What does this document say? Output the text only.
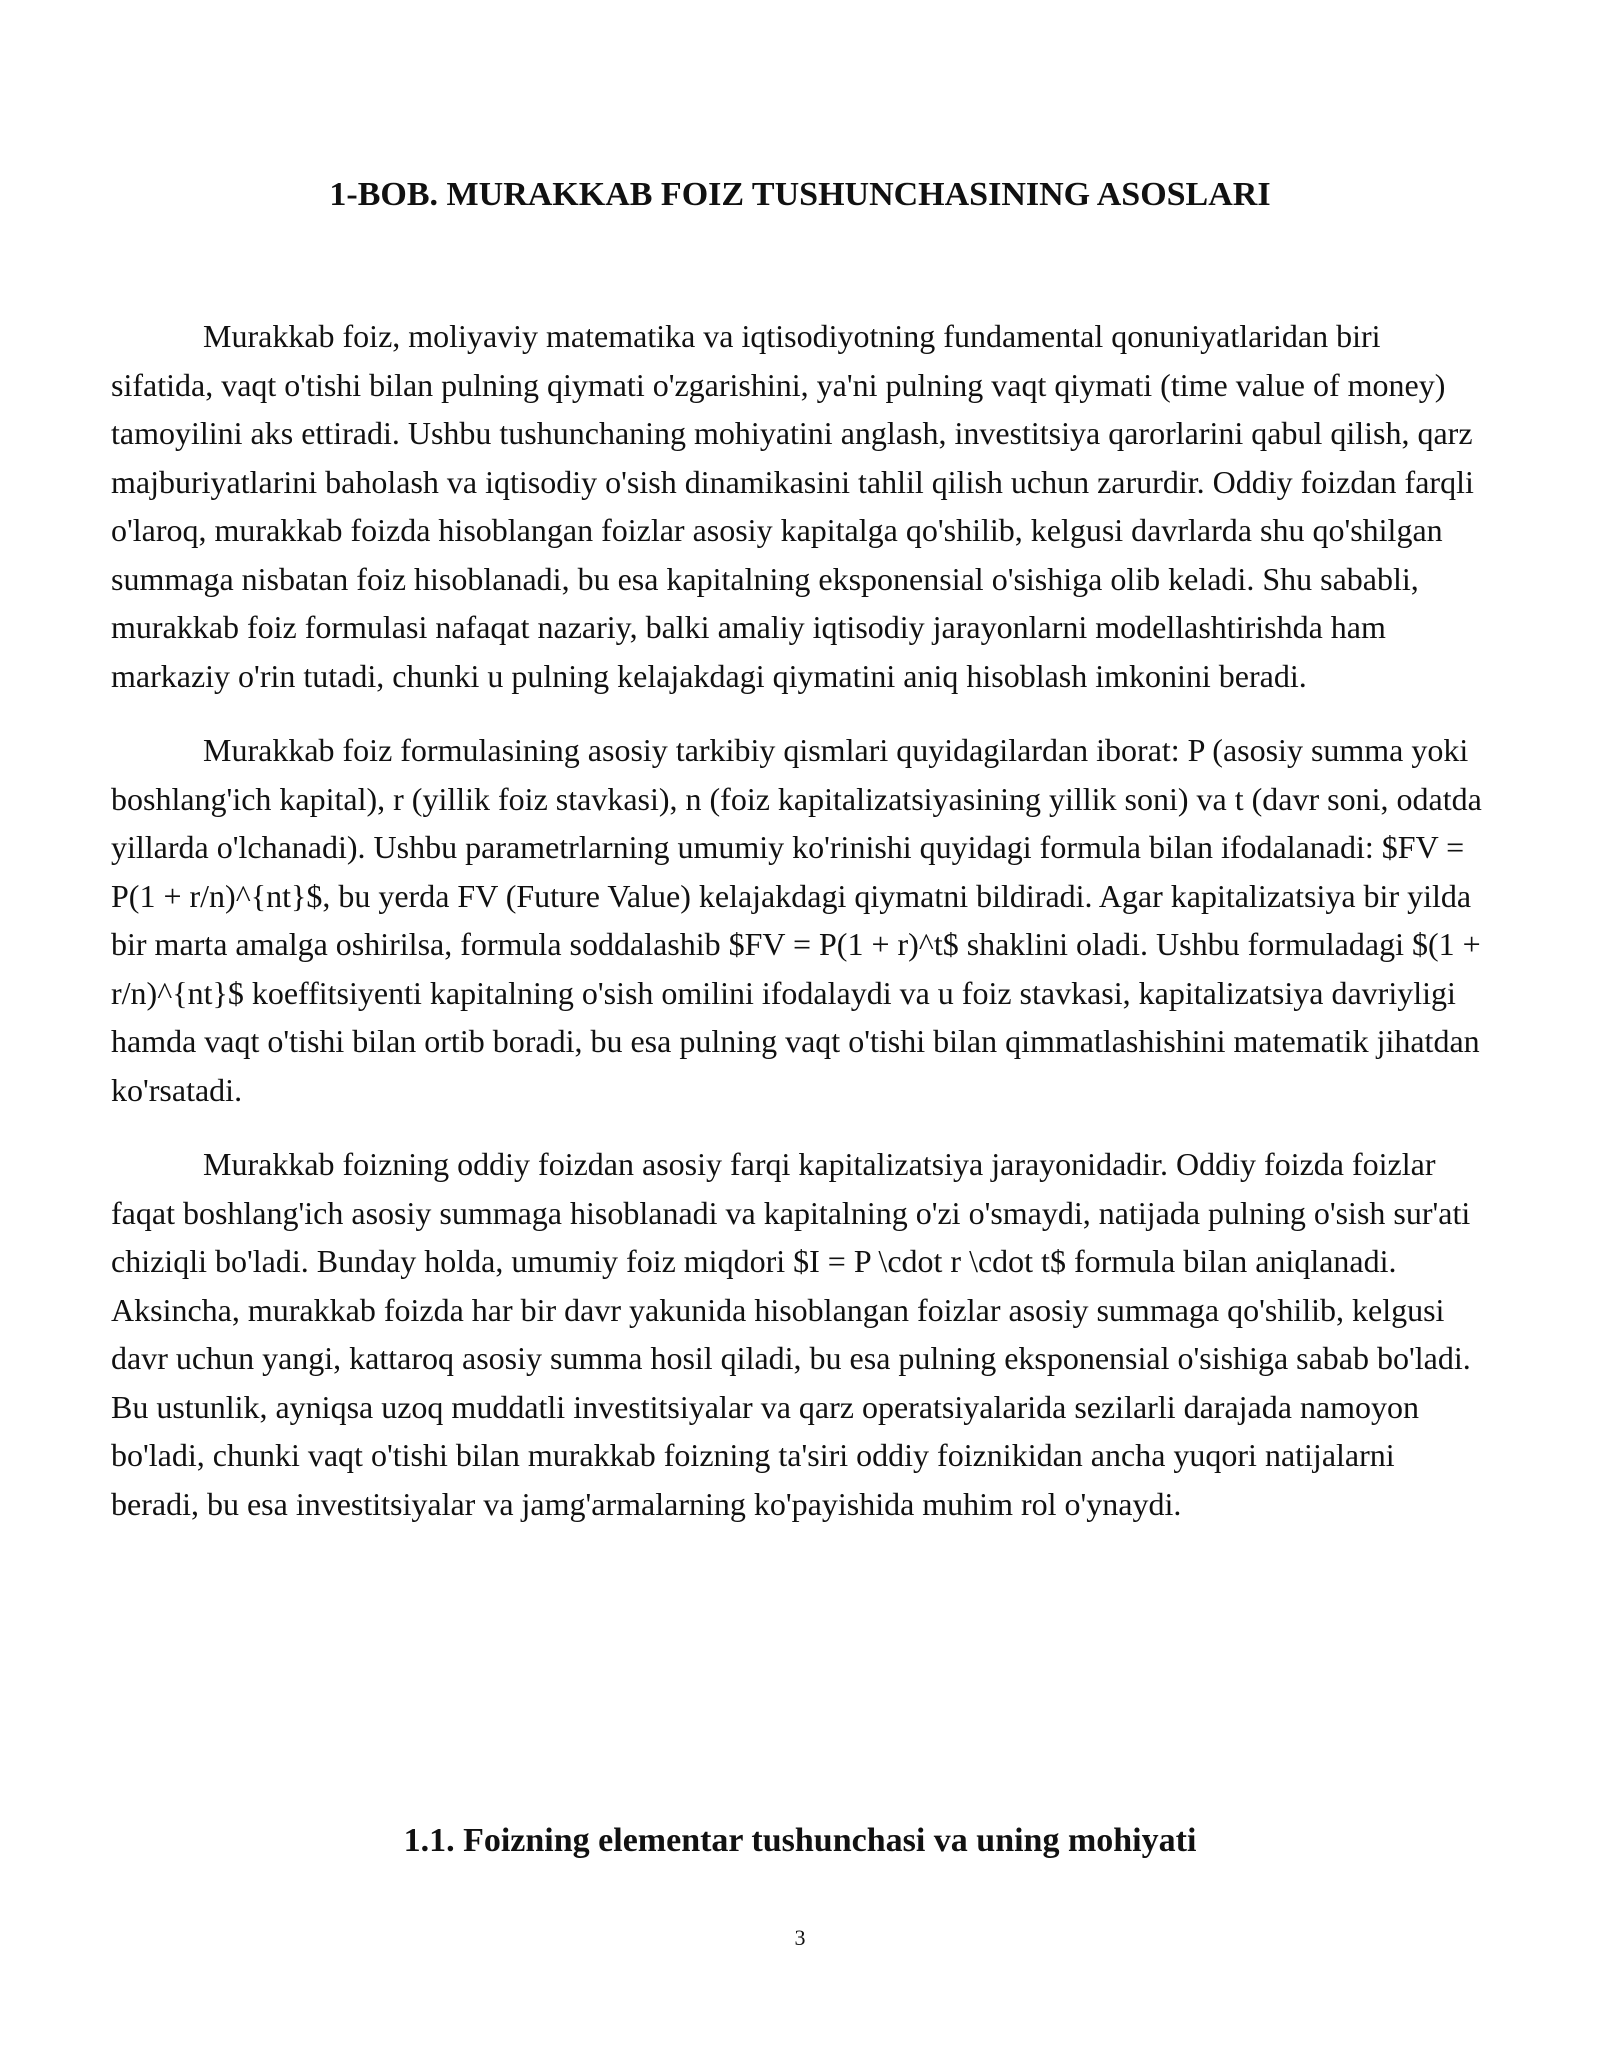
1-BOB. MURAKKAB FOIZ TUSHUNCHASINING ASOSLARI

Murakkab foiz, moliyaviy matematika va iqtisodiyotning fundamental qonuniyatlaridan biri sifatida, vaqt o'tishi bilan pulning qiymati o'zgarishini, ya'ni pulning vaqt qiymati (time value of money) tamoyilini aks ettiradi. Ushbu tushunchaning mohiyatini anglash, investitsiya qarorlarini qabul qilish, qarz majburiyatlarini baholash va iqtisodiy o'sish dinamikasini tahlil qilish uchun zarurdir. Oddiy foizdan farqli o'laroq, murakkab foizda hisoblangan foizlar asosiy kapitalga qo'shilib, kelgusi davrlarda shu qo'shilgan summaga nisbatan foiz hisoblanadi, bu esa kapitalning eksponensial o'sishiga olib keladi. Shu sababli, murakkab foiz formulasi nafaqat nazariy, balki amaliy iqtisodiy jarayonlarni modellashtirishda ham markaziy o'rin tutadi, chunki u pulning kelajakdagi qiymatini aniq hisoblash imkonini beradi.

Murakkab foiz formulasining asosiy tarkibiy qismlari quyidagilardan iborat: P (asosiy summa yoki boshlang'ich kapital), r (yillik foiz stavkasi), n (foiz kapitalizatsiyasining yillik soni) va t (davr soni, odatda yillarda o'lchanadi). Ushbu parametrlarning umumiy ko'rinishi quyidagi formula bilan ifodalanadi: $FV = P(1 + r/n)^{nt}$, bu yerda FV (Future Value) kelajakdagi qiymatni bildiradi. Agar kapitalizatsiya bir yilda bir marta amalga oshirilsa, formula soddalashib $FV = P(1 + r)^t$ shaklini oladi. Ushbu formuladagi $(1 + r/n)^{nt}$ koeffitsiyenti kapitalning o'sish omilini ifodalaydi va u foiz stavkasi, kapitalizatsiya davriyligi hamda vaqt o'tishi bilan ortib boradi, bu esa pulning vaqt o'tishi bilan qimmatlashishini matematik jihatdan ko'rsatadi.

Murakkab foizning oddiy foizdan asosiy farqi kapitalizatsiya jarayonidadir. Oddiy foizda foizlar faqat boshlang'ich asosiy summaga hisoblanadi va kapitalning o'zi o'smaydi, natijada pulning o'sish sur'ati chiziqli bo'ladi. Bunday holda, umumiy foiz miqdori $I = P \cdot r \cdot t$ formula bilan aniqlanadi. Aksincha, murakkab foizda har bir davr yakunida hisoblangan foizlar asosiy summaga qo'shilib, kelgusi davr uchun yangi, kattaroq asosiy summa hosil qiladi, bu esa pulning eksponensial o'sishiga sabab bo'ladi. Bu ustunlik, ayniqsa uzoq muddatli investitsiyalar va qarz operatsiyalarida sezilarli darajada namoyon bo'ladi, chunki vaqt o'tishi bilan murakkab foizning ta'siri oddiy foiznikidan ancha yuqori natijalarni beradi, bu esa investitsiyalar va jamg'armalarning ko'payishida muhim rol o'ynaydi.

1.1. Foizning elementar tushunchasi va uning mohiyati
3
